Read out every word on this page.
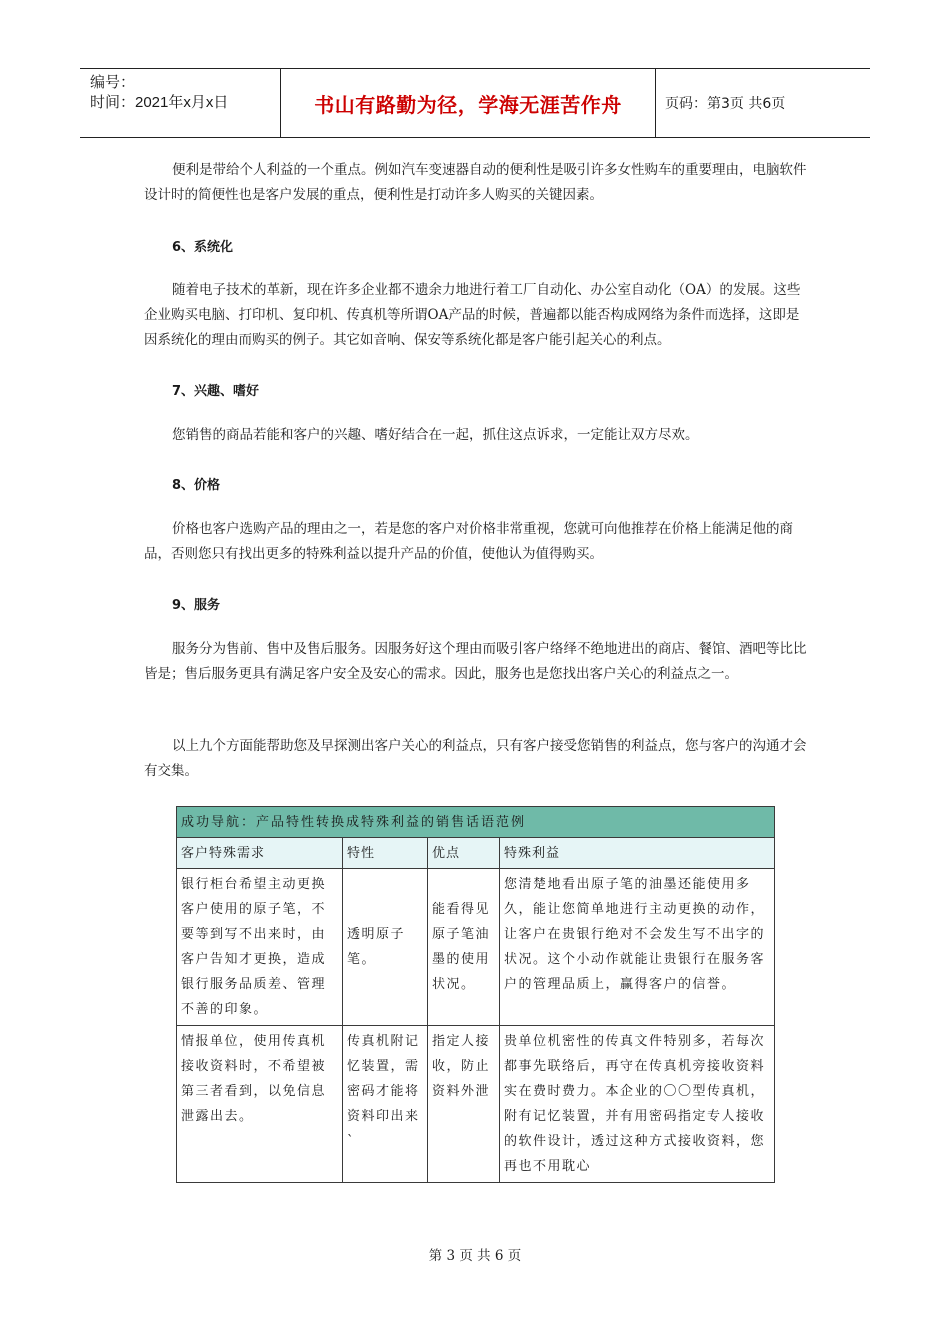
编号：
时间：2021年x月x日	书山有路勤为径，学海无涯苦作舟	页码：第3页 共6页

便利是带给个人利益的一个重点。例如汽车变速器自动的便利性是吸引许多女性购车的重要理由，电脑软件设计时的简便性也是客户发展的重点，便利性是打动许多人购买的关键因素。

6、系统化

随着电子技术的革新，现在许多企业都不遗余力地进行着工厂自动化、办公室自动化（OA）的发展。这些企业购买电脑、打印机、复印机、传真机等所谓OA产品的时候，普遍都以能否构成网络为条件而选择，这即是因系统化的理由而购买的例子。其它如音响、保安等系统化都是客户能引起关心的利点。

7、兴趣、嗜好

您销售的商品若能和客户的兴趣、嗜好结合在一起，抓住这点诉求，一定能让双方尽欢。

8、价格

价格也客户选购产品的理由之一，若是您的客户对价格非常重视，您就可向他推荐在价格上能满足他的商品，否则您只有找出更多的特殊利益以提升产品的价值，使他认为值得购买。

9、服务

服务分为售前、售中及售后服务。因服务好这个理由而吸引客户络绎不绝地进出的商店、餐馆、酒吧等比比皆是；售后服务更具有满足客户安全及安心的需求。因此，服务也是您找出客户关心的利益点之一。

以上九个方面能帮助您及早探测出客户关心的利益点，只有客户接受您销售的利益点，您与客户的沟通才会有交集。

成功导航：产品特性转换成特殊利益的销售话语范例			
客户特殊需求	特性	优点	特殊利益
银行柜台希望主动更换客户使用的原子笔，不要等到写不出来时，由客户告知才更换，造成银行服务品质差、管理不善的印象。	透明原子笔。	能看得见原子笔油墨的使用状况。	您清楚地看出原子笔的油墨还能使用多久，能让您简单地进行主动更换的动作，让客户在贵银行绝对不会发生写不出字的状况。这个小动作就能让贵银行在服务客户的管理品质上，赢得客户的信誉。
情报单位，使用传真机接收资料时，不希望被第三者看到，以免信息泄露出去。	传真机附记忆装置，需密码才能将资料印出来`	指定人接收，防止资料外泄	贵单位机密性的传真文件特别多，若每次都事先联络后，再守在传真机旁接收资料实在费时费力。本企业的〇〇型传真机，附有记忆装置，并有用密码指定专人接收的软件设计，透过这种方式接收资料，您再也不用耽心
第 3 页 共 6 页
